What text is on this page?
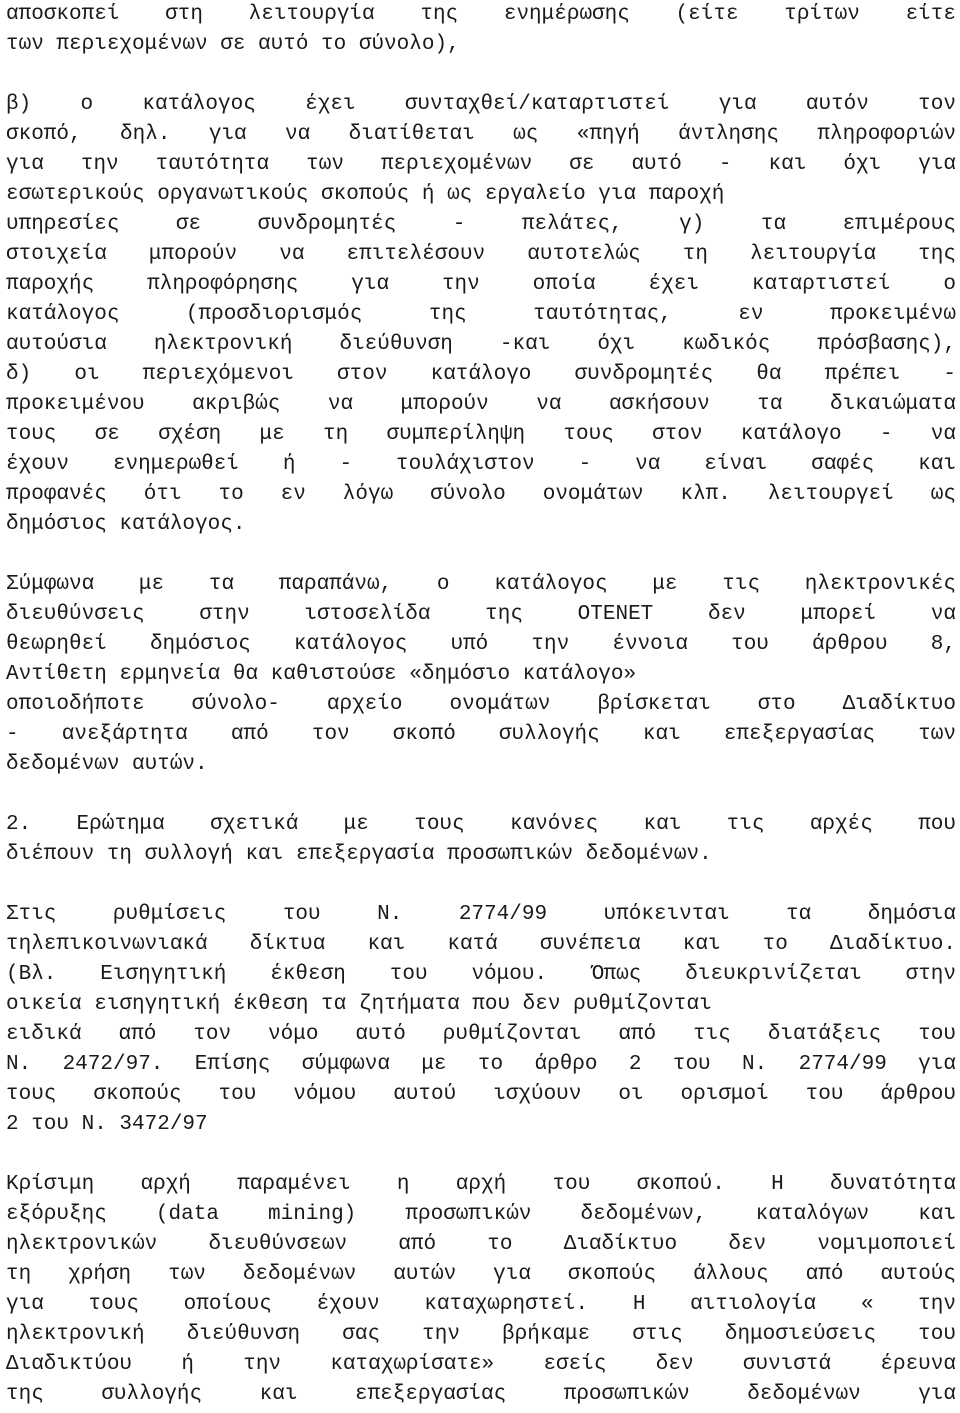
αποσκοπεί στη λειτουργία της ενημέρωσης (είτε τρίτων είτε
των περιεχομένων σε αυτό το σύνολο),
β) ο κατάλογος έχει συνταχθεί/καταρτιστεί για αυτόν τον
σκοπό, δηλ. για να διατίθεται ως «πηγή άντλησης πληροφοριών
για την ταυτότητα των περιεχομένων σε αυτό - και όχι για
εσωτερικούς οργανωτικούς σκοπούς ή ως εργαλείο για παροχή
υπηρεσίες σε συνδρομητές - πελάτες, γ) τα επιμέρους
στοιχεία μπορούν να επιτελέσουν αυτοτελώς τη λειτουργία της
παροχής πληροφόρησης για την οποία έχει καταρτιστεί ο
κατάλογος (προσδιορισμός της ταυτότητας, εν προκειμένω
αυτούσια ηλεκτρονική διεύθυνση -και όχι κωδικός πρόσβασης),
δ) οι περιεχόμενοι στον κατάλογο συνδρομητές θα πρέπει -
προκειμένου ακριβώς να μπορούν να ασκήσουν τα δικαιώματα
τους σε σχέση με τη συμπερίληψη τους στον κατάλογο - να
έχουν ενημερωθεί ή - τουλάχιστον - να είναι σαφές και
προφανές ότι το εν λόγω σύνολο ονομάτων κλπ. λειτουργεί ως
δημόσιος κατάλογος.
Σύμφωνα με τα παραπάνω, ο κατάλογος με τις ηλεκτρονικές
διευθύνσεις στην ιστοσελίδα της ΟΤΕΝΕΤ δεν μπορεί να
θεωρηθεί δημόσιος κατάλογος υπό την έννοια του άρθρου 8,
Αντίθετη ερμηνεία θα καθιστούσε «δημόσιο κατάλογο»
οποιοδήποτε σύνολο- αρχείο ονομάτων βρίσκεται στο Διαδίκτυο
- ανεξάρτητα από τον σκοπό συλλογής και επεξεργασίας των
δεδομένων αυτών.
2. Ερώτημα σχετικά με τους κανόνες και τις αρχές που
διέπουν τη συλλογή και επεξεργασία προσωπικών δεδομένων.
Στις ρυθμίσεις του Ν. 2774/99 υπόκεινται τα δημόσια
τηλεπικοινωνιακά δίκτυα και κατά συνέπεια και το Διαδίκτυο.
(Βλ. Εισηγητική έκθεση του νόμου. Όπως διευκρινίζεται στην
οικεία εισηγητική έκθεση τα ζητήματα που δεν ρυθμίζονται
ειδικά από τον νόμο αυτό ρυθμίζονται από τις διατάξεις του
Ν. 2472/97. Επίσης σύμφωνα με το άρθρο 2 του Ν. 2774/99 για
τους σκοπούς του νόμου αυτού ισχύουν οι ορισμοί του άρθρου
2 του Ν. 3472/97
Κρίσιμη αρχή παραμένει η αρχή του σκοπού. Η δυνατότητα
εξόρυξης (data mining) προσωπικών δεδομένων, καταλόγων και
ηλεκτρονικών διευθύνσεων από το Διαδίκτυο δεν νομιμοποιεί
τη χρήση των δεδομένων αυτών για σκοπούς άλλους από αυτούς
για τους οποίους έχουν καταχωρηστεί. Η αιτιολογία « την
ηλεκτρονική διεύθυνση σας την βρήκαμε στις δημοσιεύσεις του
Διαδικτύου ή την καταχωρίσατε» εσείς δεν συνιστά έρευνα
της συλλογής και επεξεργασίας προσωπικών δεδομένων για
